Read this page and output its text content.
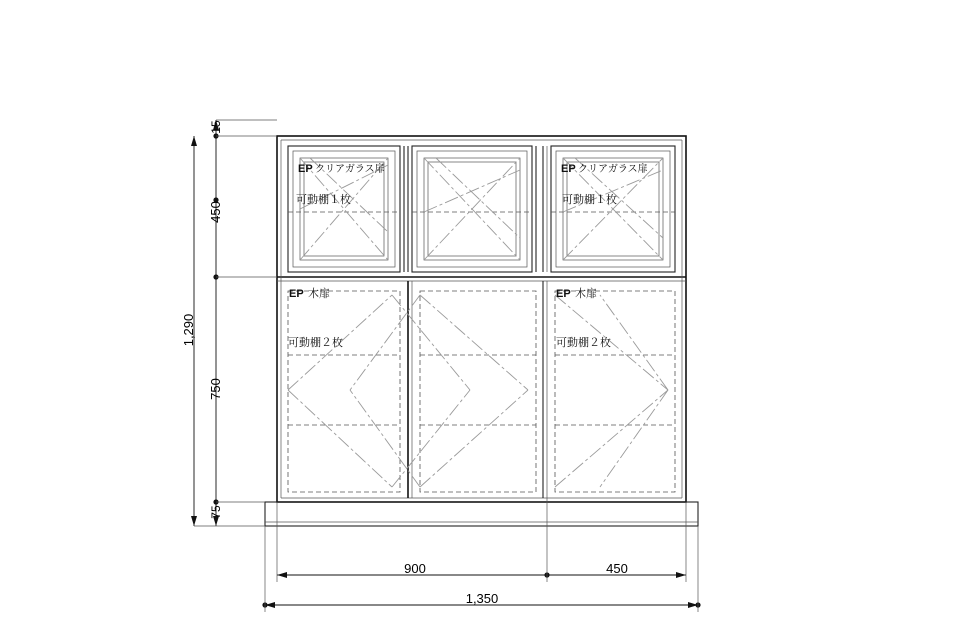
EP クリアガラス扉
可動棚１枚
EP クリアガラス扉
可動棚１枚
EP 木扉
可動棚２枚
EP 木扉
可動棚２枚
15
450
750
75
1,290
900	450
1,350
